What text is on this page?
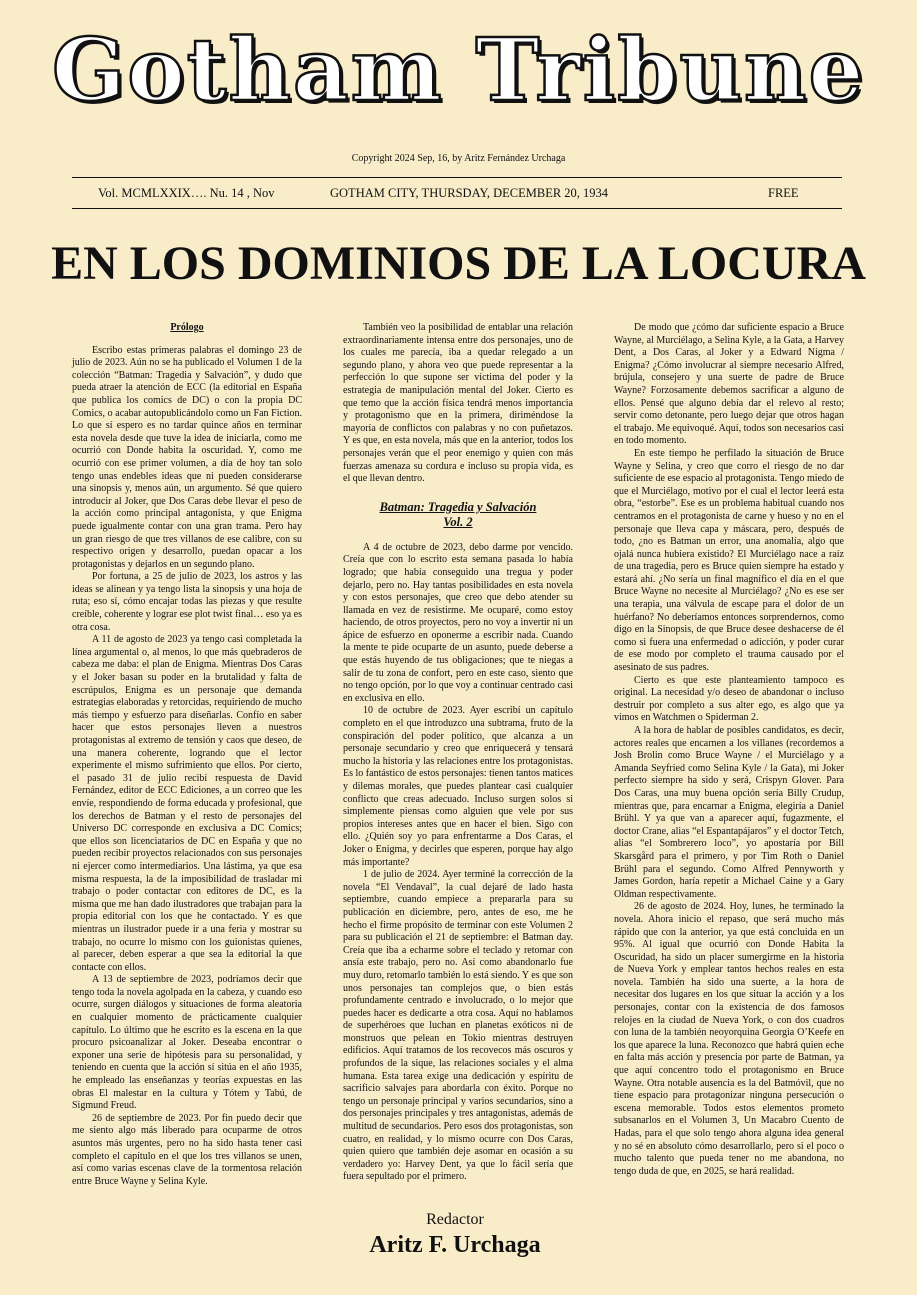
Gotham Tribune
Copyright 2024 Sep, 16, by Aritz Fernández Urchaga
Vol. MCMLXXIX…. Nu. 14 , Nov	GOTHAM CITY, THURSDAY, DECEMBER 20, 1934	FREE
EN LOS DOMINIOS DE LA LOCURA

Prólogo

Escribo estas primeras palabras el domingo 23 de julio de 2023. Aún no se ha publicado el Volumen 1 de la colección “Batman: Tragedia y Salvación”, y dudo que pueda atraer la atención de ECC (la editorial en España que publica los comics de DC) o con la propia DC Comics, o acabar autopublicándolo como un Fan Fiction. Lo que sí espero es no tardar quince años en terminar esta novela desde que tuve la idea de iniciarla, como me ocurrió con Donde habita la oscuridad. Y, como me ocurrió con ese primer volumen, a día de hoy tan solo tengo unas endebles ideas que ni pueden considerarse una sinopsis y, menos aún, un argumento. Sé que quiero introducir al Joker, que Dos Caras debe llevar el peso de la acción como principal antagonista, y que Enigma puede igualmente contar con una gran trama. Pero hay un gran riesgo de que tres villanos de ese calibre, con su respectivo origen y desarrollo, puedan opacar a los protagonistas y dejarlos en un segundo plano.

Por fortuna, a 25 de julio de 2023, los astros y las ideas se alinean y ya tengo lista la sinopsis y una hoja de ruta; eso sí, cómo encajar todas las piezas y que resulte creíble, coherente y lograr ese plot twist final… eso ya es otra cosa.

A 11 de agosto de 2023 ya tengo casi completada la línea argumental o, al menos, lo que más quebraderos de cabeza me daba: el plan de Enigma. Mientras Dos Caras y el Joker basan su poder en la brutalidad y falta de escrúpulos, Enigma es un personaje que demanda estrategias elaboradas y retorcidas, requiriendo de mucho más tiempo y esfuerzo para diseñarlas. Confío en saber hacer que estos personajes lleven a nuestros protagonistas al extremo de tensión y caos que deseo, de una manera coherente, logrando que el lector experimente el mismo sufrimiento que ellos. Por cierto, el pasado 31 de julio recibí respuesta de David Fernández, editor de ECC Ediciones, a un correo que les envíe, respondiendo de forma educada y profesional, que los derechos de Batman y el resto de personajes del Universo DC corresponde en exclusiva a DC Comics; que ellos son licenciatarios de DC en España y que no pueden recibir proyectos relacionados con sus personajes ni ejercer como intermediarios. Una lástima, ya que esa misma respuesta, la de la imposibilidad de trasladar mi trabajo o poder contactar con editores de DC, es la misma que me han dado ilustradores que trabajan para la propia editorial con los que he contactado. Y es que mientras un ilustrador puede ir a una feria y mostrar su trabajo, no ocurre lo mismo con los guionistas quienes, al parecer, deben esperar a que sea la editorial la que contacte con ellos.

A 13 de septiembre de 2023, podríamos decir que tengo toda la novela agolpada en la cabeza, y cuando eso ocurre, surgen diálogos y situaciones de forma aleatoria en cualquier momento de prácticamente cualquier capítulo. Lo último que he escrito es la escena en la que procuro psicoanalizar al Joker. Deseaba encontrar o exponer una serie de hipótesis para su personalidad, y teniendo en cuenta que la acción sí sitúa en el año 1935, he empleado las enseñanzas y teorías expuestas en las obras El malestar en la cultura y Tótem y Tabú, de Sigmund Freud.

26 de septiembre de 2023. Por fin puedo decir que me siento algo más liberado para ocuparme de otros asuntos más urgentes, pero no ha sido hasta tener casi completo el capítulo en el que los tres villanos se unen, así como varias escenas clave de la tormentosa relación entre Bruce Wayne y Selina Kyle.

También veo la posibilidad de entablar una relación extraordinariamente intensa entre dos personajes, uno de los cuales me parecía, iba a quedar relegado a un segundo plano, y ahora veo que puede representar a la perfección lo que supone ser víctima del poder y la estrategia de manipulación mental del Joker. Cierto es que temo que la acción física tendrá menos importancia y protagonismo que en la primera, diriméndose la mayoría de conflictos con palabras y no con puñetazos. Y es que, en esta novela, más que en la anterior, todos los personajes verán que el peor enemigo y quien con más fuerzas amenaza su cordura e incluso su propia vida, es el que llevan dentro.

Batman: Tragedia y Salvación
Vol. 2

A 4 de octubre de 2023, debo darme por vencido. Creía que con lo escrito esta semana pasada lo había logrado; que había conseguido una tregua y poder dejarlo, pero no. Hay tantas posibilidades en esta novela y con estos personajes, que creo que debo atender su llamada en vez de resistirme. Me ocuparé, como estoy haciendo, de otros proyectos, pero no voy a invertir ni un ápice de esfuerzo en oponerme a escribir nada. Cuando la mente te pide ocuparte de un asunto, puede deberse a que estás huyendo de tus obligaciones; que te niegas a salir de tu zona de confort, pero en este caso, siento que no tengo opción, por lo que voy a continuar centrado casi en exclusiva en ello.

10 de octubre de 2023. Ayer escribí un capítulo completo en el que introduzco una subtrama, fruto de la conspiración del poder político, que alcanza a un personaje secundario y creo que enriquecerá y tensará mucho la historia y las relaciones entre los protagonistas. Es lo fantástico de estos personajes: tienen tantos matices y dilemas morales, que puedes plantear casi cualquier conflicto que creas adecuado. Incluso surgen solos si simplemente piensas como alguien que vele por sus propios intereses antes que en hacer el bien. Sigo con ello. ¿Quién soy yo para enfrentarme a Dos Caras, el Joker o Enigma, y decirles que esperen, porque hay algo más importante?

1 de julio de 2024. Ayer terminé la corrección de la novela “El Vendaval”, la cual dejaré de lado hasta septiembre, cuando empiece a prepararla para su publicación en diciembre, pero, antes de eso, me he hecho el firme propósito de terminar con este Volumen 2 para su publicación el 21 de septiembre: el Batman day. Creía que iba a echarme sobre el teclado y retomar con ansía este trabajo, pero no. Así como abandonarlo fue muy duro, retomarlo también lo está siendo. Y es que son unos personajes tan complejos que, o bien estás profundamente centrado e involucrado, o lo mejor que puedes hacer es dedicarte a otra cosa. Aquí no hablamos de superhéroes que luchan en planetas exóticos ni de monstruos que pelean en Tokio mientras destruyen edificios. Aquí tratamos de los recovecos más oscuros y profundos de la sique, las relaciones sociales y el alma humana. Esta tarea exige una dedicación y espíritu de sacrificio salvajes para abordarla con éxito. Porque no tengo un personaje principal y varios secundarios, sino a dos personajes principales y tres antagonistas, además de multitud de secundarios. Pero esos dos protagonistas, son cuatro, en realidad, y lo mismo ocurre con Dos Caras, quien quiero que también deje asomar en ocasión a su verdadero yo: Harvey Dent, ya que lo fácil sería que fuera sepultado por el primero.

De modo que ¿cómo dar suficiente espacio a Bruce Wayne, al Murciélago, a Selina Kyle, a la Gata, a Harvey Dent, a Dos Caras, al Joker y a Edward Nigma / Enigma? ¿Cómo involucrar al siempre necesario Alfred, brújula, consejero y una suerte de padre de Bruce Wayne? Forzosamente debemos sacrificar a alguno de ellos. Pensé que alguno debía dar el relevo al resto; servir como detonante, pero luego dejar que otros hagan el trabajo. Me equivoqué. Aquí, todos son necesarios casi en todo momento.

En este tiempo he perfilado la situación de Bruce Wayne y Selina, y creo que corro el riesgo de no dar suficiente de ese espacio al protagonista. Tengo miedo de que el Murciélago, motivo por el cual el lector leerá esta obra, “estorbe”. Ese es un problema habitual cuando nos centramos en el protagonista de carne y hueso y no en el personaje que lleva capa y máscara, pero, después de todo, ¿no es Batman un error, una anomalía, algo que ojalá nunca hubiera existido? El Murciélago nace a raíz de una tragedia, pero es Bruce quien siempre ha estado y estará ahí. ¿No sería un final magnífico el día en el que Bruce Wayne no necesite al Murciélago? ¿No es ese ser una terapia, una válvula de escape para el dolor de un huérfano? No deberíamos entonces sorprendernos, como digo en la Sinopsis, de que Bruce desee deshacerse de él como si fuera una enfermedad o adicción, y poder curar de ese modo por completo el trauma causado por el asesinato de sus padres.

Cierto es que este planteamiento tampoco es original. La necesidad y/o deseo de abandonar o incluso destruir por completo a sus alter ego, es algo que ya vimos en Watchmen o Spiderman 2.

A la hora de hablar de posibles candidatos, es decir, actores reales que encarnen a los villanes (recordemos a Josh Brolin como Bruce Wayne / el Murciélago y a Amanda Seyfried como Selina Kyle / la Gata), mi Joker perfecto siempre ha sido y será, Crispyn Glover. Para Dos Caras, una muy buena opción sería Billy Crudup, mientras que, para encarnar a Enigma, elegiría a Daniel Brühl. Y ya que van a aparecer aquí, fugazmente, el doctor Crane, alias “el Espantapájaros” y el doctor Tetch, alias “el Sombrerero loco”, yo apostaría por Bill Skarsgård para el primero, y por Tim Roth o Daniel Brühl para el segundo. Como Alfred Pennyworth y James Gordon, haría repetir a Michael Caine y a Gary Oldman respectivamente.

26 de agosto de 2024. Hoy, lunes, he terminado la novela. Ahora inicio el repaso, que será mucho más rápido que con la anterior, ya que está concluida en un 95%. Al igual que ocurrió con Donde Habita la Oscuridad, ha sido un placer sumergirme en la historia de Nueva York y emplear tantos hechos reales en esta novela. También ha sido una suerte, a la hora de necesitar dos lugares en los que situar la acción y a los personajes, contar con la existencia de dos famosos relojes en la ciudad de Nueva York, o con dos cuadros con luna de la también neoyorquina Georgia O’Keefe en los que aparece la luna. Reconozco que habrá quien eche en falta más acción y presencia por parte de Batman, ya que aquí concentro todo el protagonismo en Bruce Wayne. Otra notable ausencia es la del Batmóvil, que no tiene espacio para protagonizar ninguna persecución o escena memorable. Todos estos elementos prometo subsanarlos en el Volumen 3, Un Macabro Cuento de Hadas, para el que solo tengo ahora alguna idea general y no sé en absoluto cómo desarrollarlo, pero si el poco o mucho talento que pueda tener no me abandona, no tengo duda de que, en 2025, se hará realidad.

Redactor
Aritz F. Urchaga
